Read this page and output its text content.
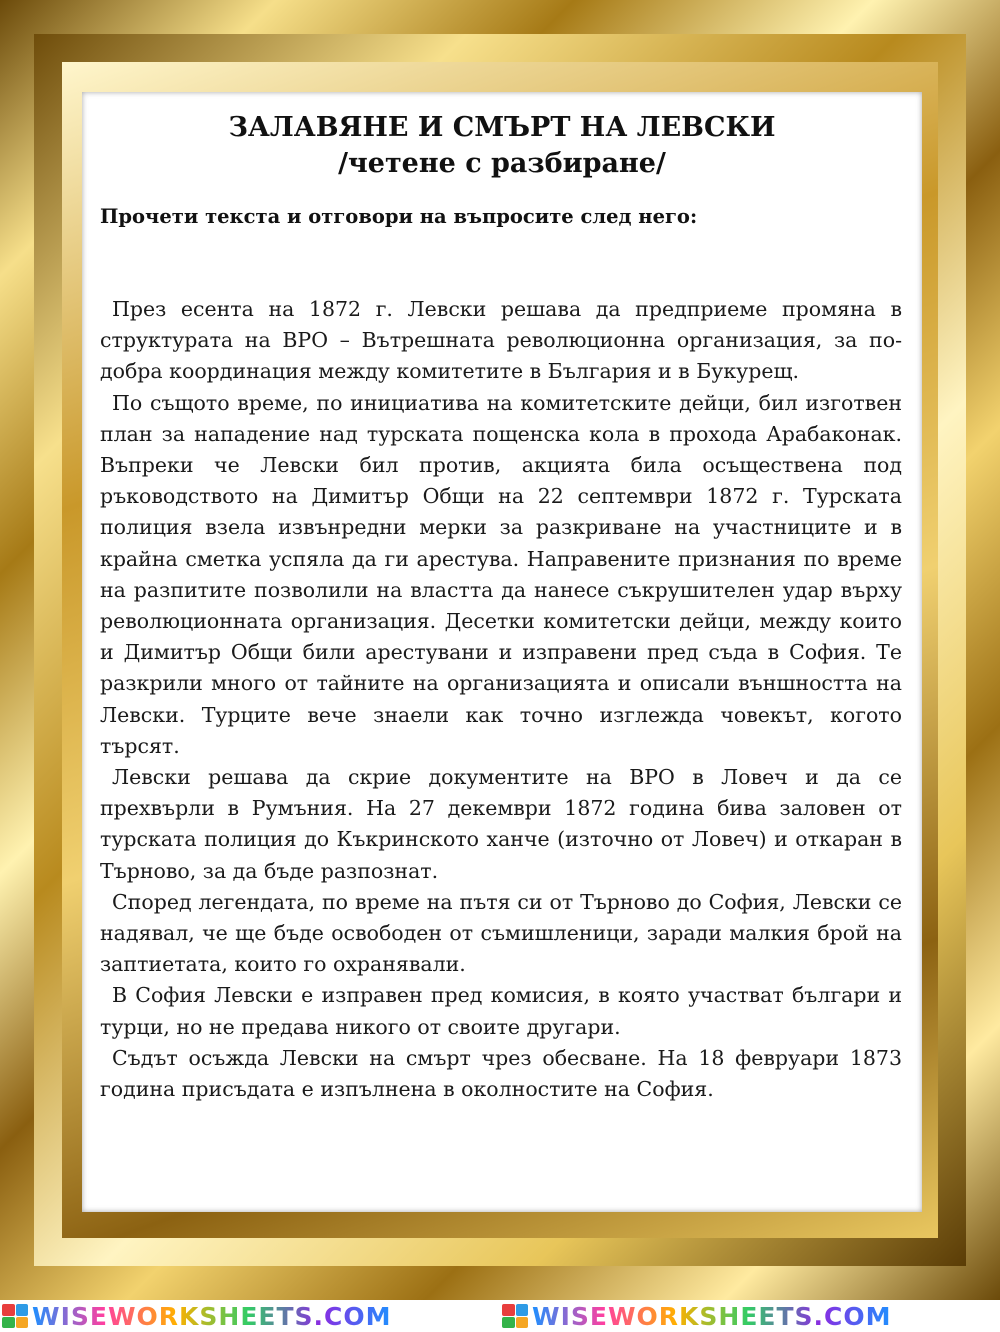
ЗАЛАВЯНЕ И СМЪРТ НА ЛЕВСКИ
/четене с разбиране/
Прочети текста и отговори на въпросите след него:

През есента на 1872 г. Левски решава да предприеме промяна в структурата на ВРО – Вътрешната революционна организация, за по-добра координация между комитетите в България и в Букурещ.

По същото време, по инициатива на комитетските дейци, бил изготвен план за нападение над турската пощенска кола в прохода Арабаконак. Въпреки че Левски бил против, акцията била осъществена под ръководството на Димитър Общи на 22 септември 1872 г. Турската полиция взела извънредни мерки за разкриване на участниците и в крайна сметка успяла да ги арестува. Направените признания по време на разпитите позволили на властта да нанесе съкрушителен удар върху революционната организация. Десетки комитетски дейци, между които и Димитър Общи били арестувани и изправени пред съда в София. Те разкрили много от тайните на организацията и описали външността на Левски. Турците вече знаели как точно изглежда човекът, когото търсят.

Левски решава да скрие документите на ВРО в Ловеч и да се прехвърли в Румъния. На 27 декември 1872 година бива заловен от турската полиция до Къкринското ханче (източно от Ловеч) и откаран в Търново, за да бъде разпознат.

Според легендата, по време на пътя си от Търново до София, Левски се надявал, че ще бъде освободен от съмишленици, заради малкия брой на заптиетата, които го охранявали.

В София Левски е изправен пред комисия, в която участват българи и турци, но не предава никого от своите другари.

Съдът осъжда Левски на смърт чрез обесване. На 18 февруари 1873 година присъдата е изпълнена в околностите на София.

WISEWORKSHEETS.COM	WISEWORKSHEETS.COM
